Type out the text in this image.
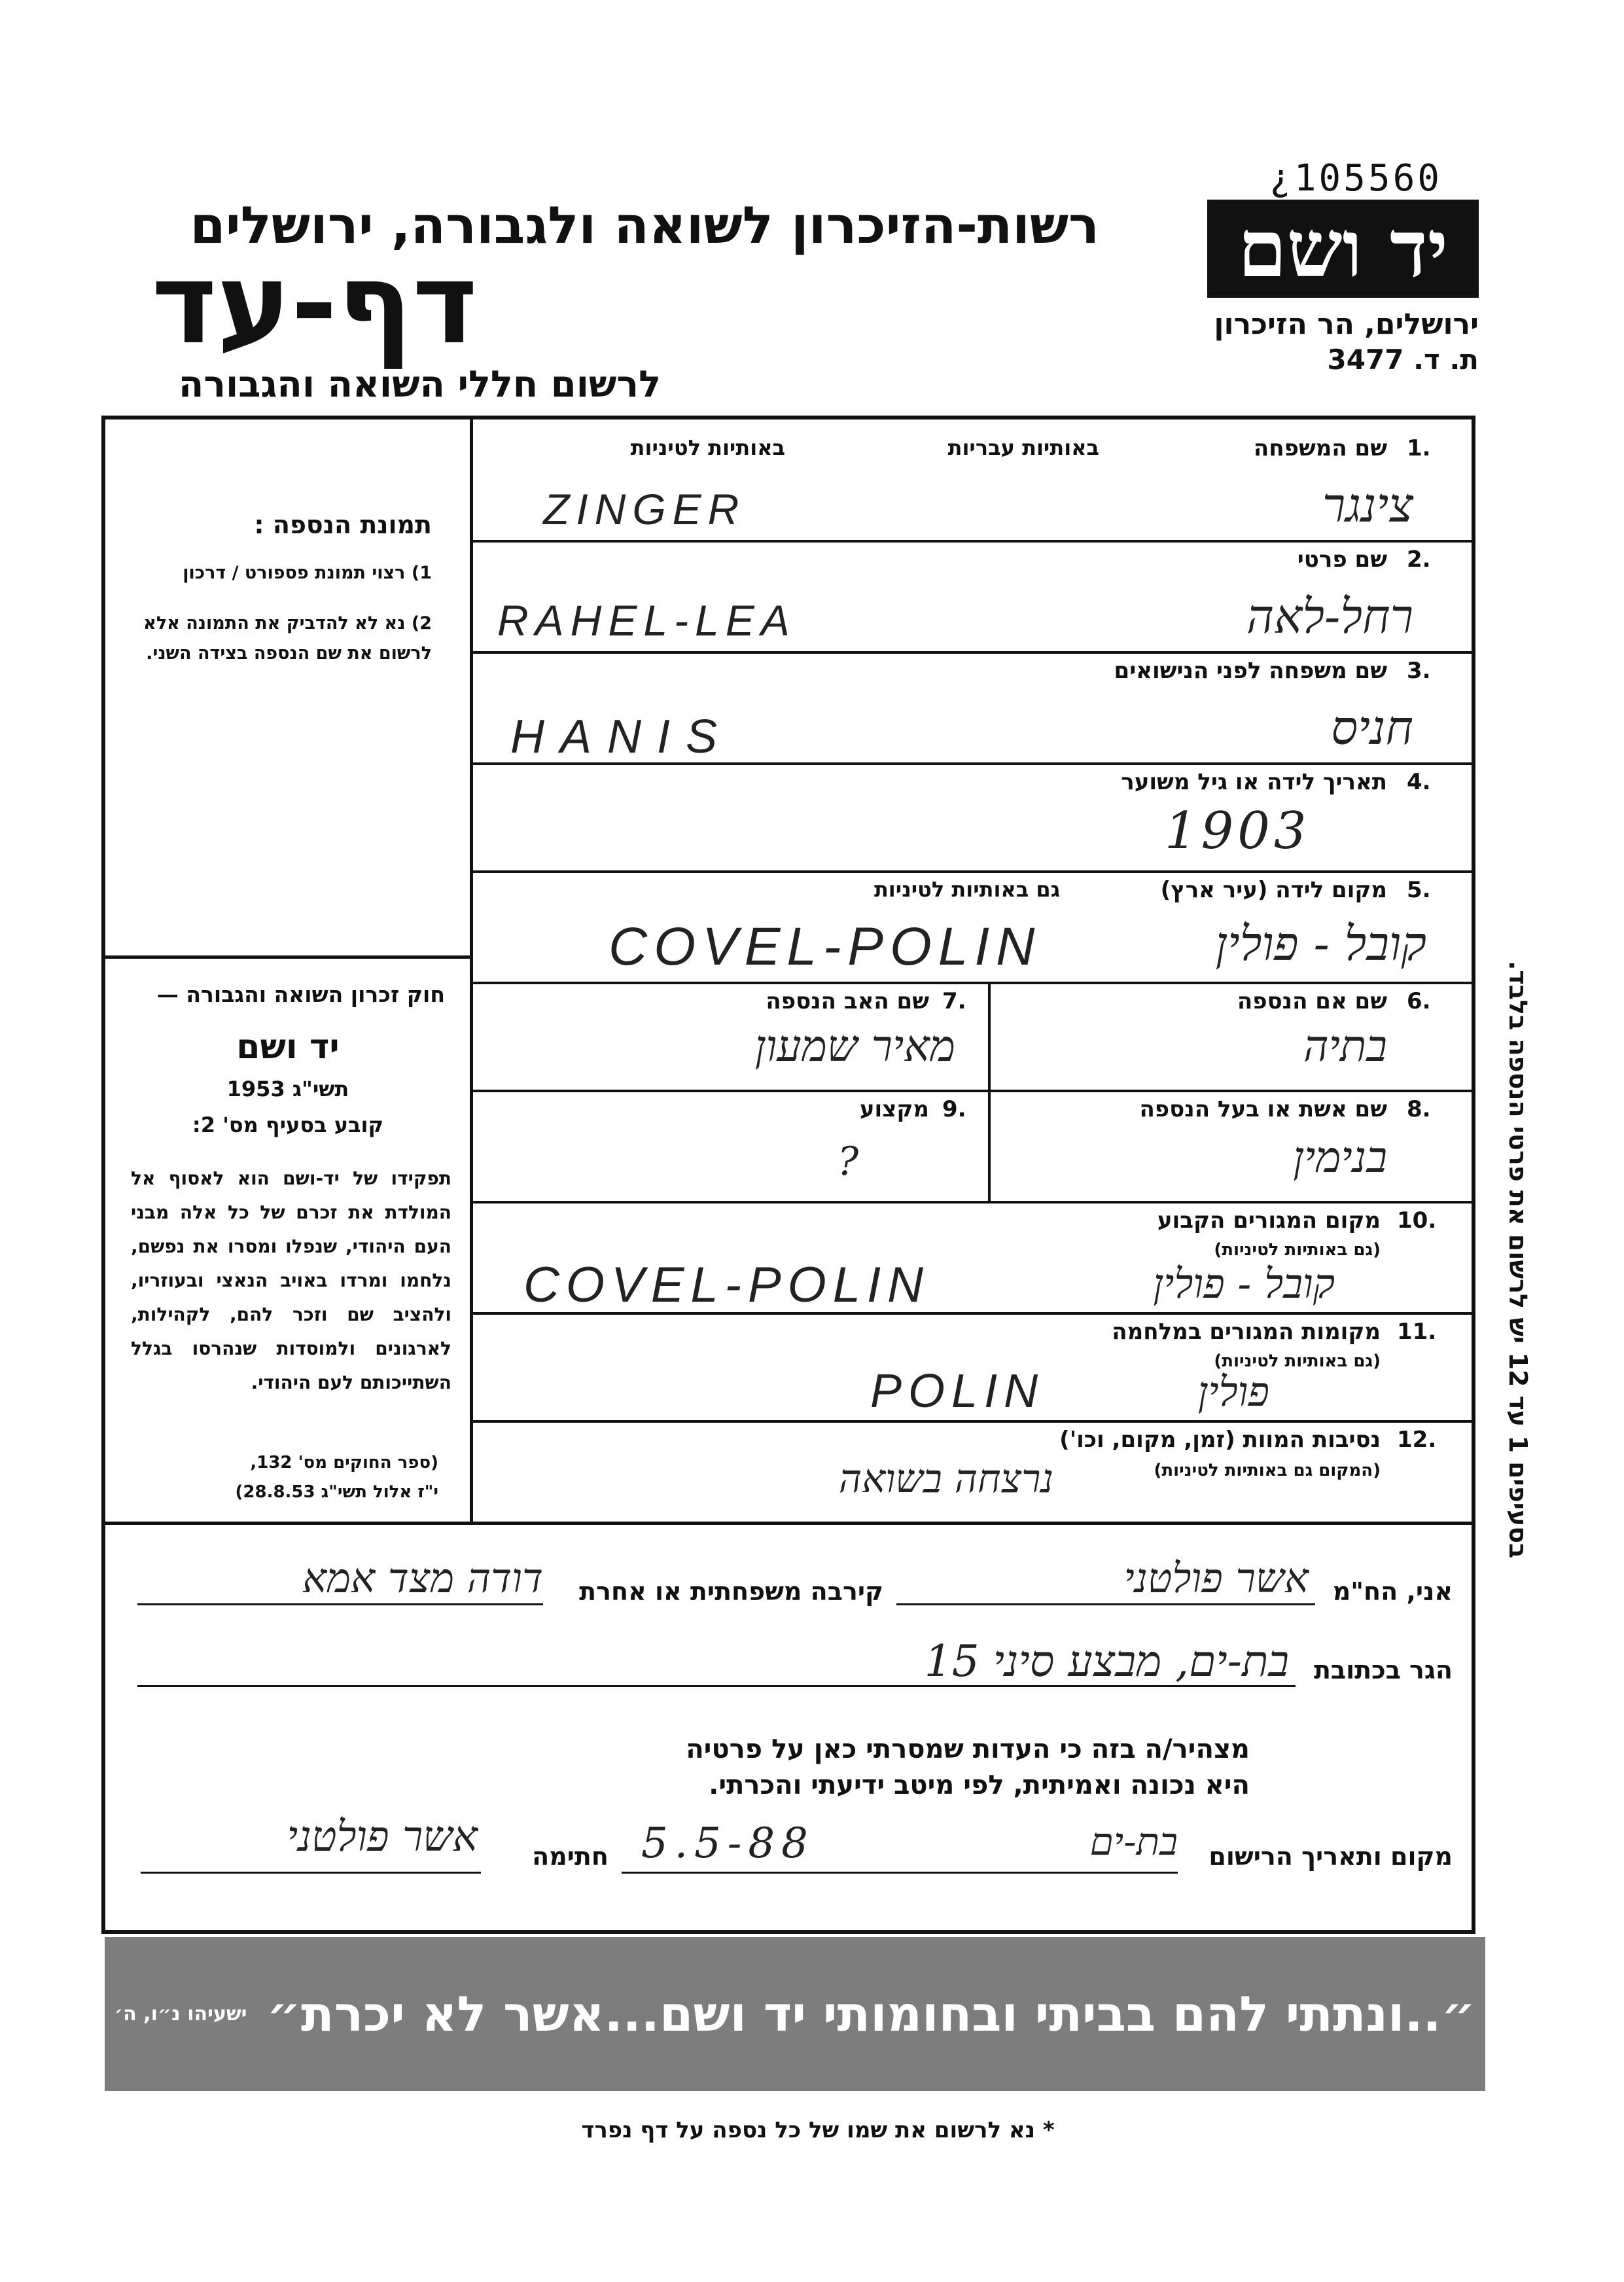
¿105560
יד ושם
ירושלים, הר הזיכרון
ת. ד. 3477
רשות-הזיכרון לשואה ולגבורה, ירושלים
דף-עד
לרשום חללי השואה והגבורה
תמונת הנספה :
1) רצוי תמונת פספורט / דרכון
2) נא לא להדביק את התמונה אלא לרשום את שם הנספה בצידה השני.
חוק זכרון השואה והגבורה —
יד ושם
תשי"ג 1953
קובע בסעיף מס' 2:
תפקידו של יד-ושם הוא לאסוף אל המולדת את זכרם של כל אלה מבני העם היהודי, שנפלו ומסרו את נפשם, נלחמו ומרדו באויב הנאצי ובעוזריו, ולהציב שם וזכר להם, לקהילות, לארגונים ולמוסדות שנהרסו בגלל השתייכותם לעם היהודי.
(ספר החוקים מס' 132,
י"ז אלול תשי"ג 28.8.53)
1.
שם המשפחה
באותיות עבריות
באותיות לטיניות
ZINGER	צינגר
2.
שם פרטי
RAHEL-LEA	רחל-לאה
3.
שם משפחה לפני הנישואים
HANIS	חניס
4.
תאריך לידה או גיל משוער
1903
5.
מקום לידה (עיר ארץ)
גם באותיות לטיניות
COVEL-POLIN	קובל - פולין
6.
שם אם הנספה
בתיה
7.
שם האב הנספה
מאיר שמעון
8.
שם אשת או בעל הנספה
בנימין
9.
מקצוע
?
10.
מקום המגורים הקבוע
(גם באותיות לטיניות)
COVEL-POLIN	קובל - פולין
11.
מקומות המגורים במלחמה
(גם באותיות לטיניות)
POLIN	פולין
12.
נסיבות המוות (זמן, מקום, וכו')
(המקום גם באותיות לטיניות)
נרצחה בשואה
בסעיפים 1 עד 12 יש לרשום את פרטי הנספה בלבד.
אני, הח"מ
אשר פולטני
קירבה משפחתית או אחרת
דודה מצד אמא
הגר בכתובת
בת-ים, מבצע סיני 15
מצהיר/ה בזה כי העדות שמסרתי כאן על פרטיה
היא נכונה ואמיתית, לפי מיטב ידיעתי והכרתי.
מקום ותאריך הרישום
בת-ים
5.5-88
חתימה
אשר פולטני
״..ונתתי להם בביתי ובחומותי יד ושם...אשר לא יכרת״
ישעיהו נ״ו, ה׳
* נא לרשום את שמו של כל נספה על דף נפרד
